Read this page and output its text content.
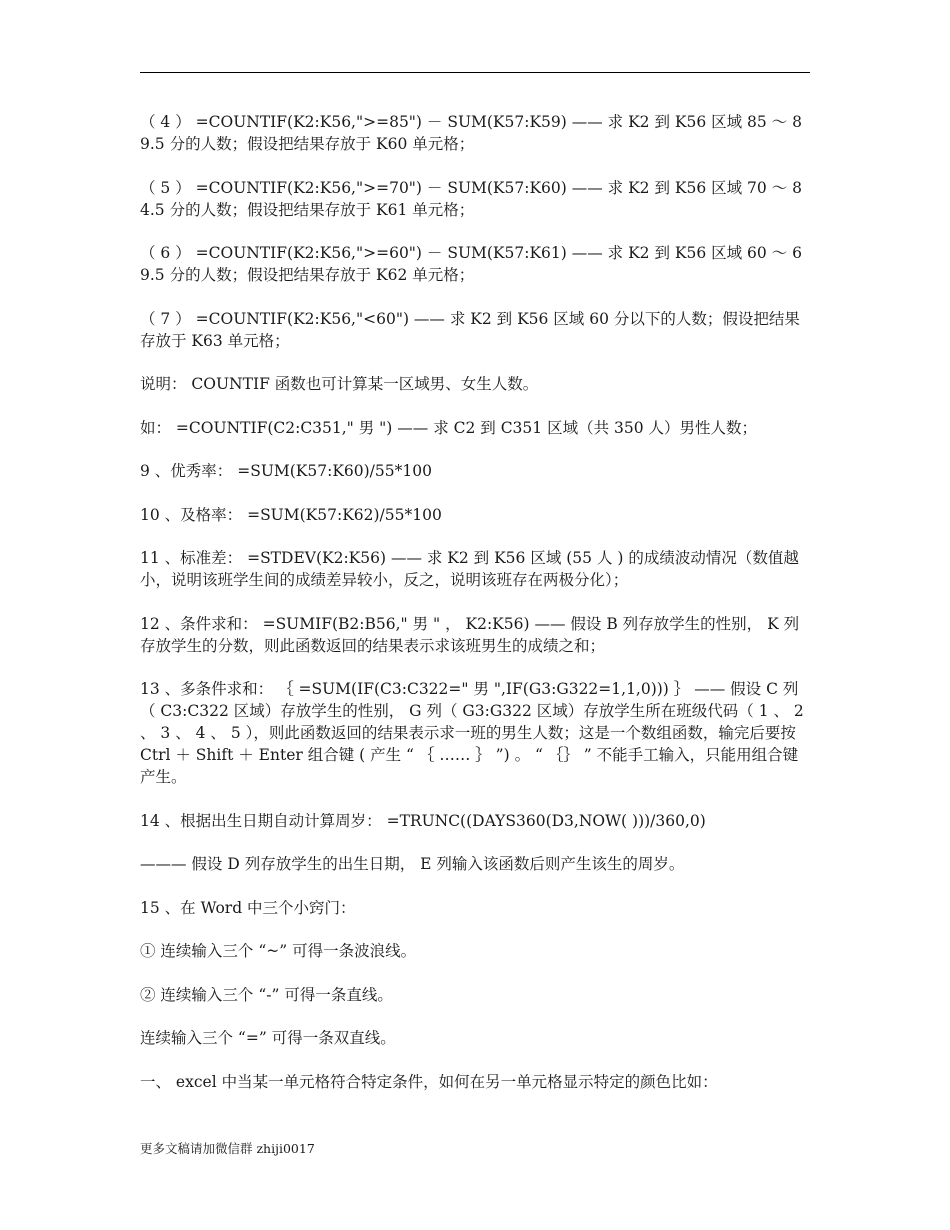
（ 4 ） =COUNTIF(K2:K56,">=85") － SUM(K57:K59) —— 求 K2 到 K56 区域 85 ～ 89.5 分的人数；假设把结果存放于 K60 单元格；

（ 5 ） =COUNTIF(K2:K56,">=70") － SUM(K57:K60) —— 求 K2 到 K56 区域 70 ～ 84.5 分的人数；假设把结果存放于 K61 单元格；

（ 6 ） =COUNTIF(K2:K56,">=60") － SUM(K57:K61) —— 求 K2 到 K56 区域 60 ～ 69.5 分的人数；假设把结果存放于 K62 单元格；

（ 7 ） =COUNTIF(K2:K56,"<60") —— 求 K2 到 K56 区域 60 分以下的人数；假设把结果存放于 K63 单元格；

说明： COUNTIF 函数也可计算某一区域男、女生人数。

如： =COUNTIF(C2:C351," 男 ") —— 求 C2 到 C351 区域（共 350 人）男性人数；

9 、优秀率： =SUM(K57:K60)/55*100

10 、及格率： =SUM(K57:K62)/55*100

11 、标准差： =STDEV(K2:K56) —— 求 K2 到 K56 区域 (55 人 ) 的成绩波动情况（数值越小，说明该班学生间的成绩差异较小，反之，说明该班存在两极分化）；

12 、条件求和： =SUMIF(B2:B56," 男 " ， K2:K56) —— 假设 B 列存放学生的性别， K 列存放学生的分数，则此函数返回的结果表示求该班男生的成绩之和；

13 、多条件求和： ｛ =SUM(IF(C3:C322=" 男 ",IF(G3:G322=1,1,0))) ｝ —— 假设 C 列（ C3:C322 区域）存放学生的性别， G 列（ G3:G322 区域）存放学生所在班级代码（ 1 、 2 、 3 、 4 、 5 ），则此函数返回的结果表示求一班的男生人数；这是一个数组函数，输完后要按 Ctrl ＋ Shift ＋ Enter 组合键 ( 产生 “ ｛ …… ｝ ”) 。 “ ｛｝ ” 不能手工输入，只能用组合键产生。

14 、根据出生日期自动计算周岁： =TRUNC((DAYS360(D3,NOW( )))/360,0)

——— 假设 D 列存放学生的出生日期， E 列输入该函数后则产生该生的周岁。

15 、在 Word 中三个小窍门：

① 连续输入三个 “~” 可得一条波浪线。

② 连续输入三个 “-” 可得一条直线。

连续输入三个 “=” 可得一条双直线。

一、 excel 中当某一单元格符合特定条件，如何在另一单元格显示特定的颜色比如：

更多文稿请加微信群 zhiji0017
